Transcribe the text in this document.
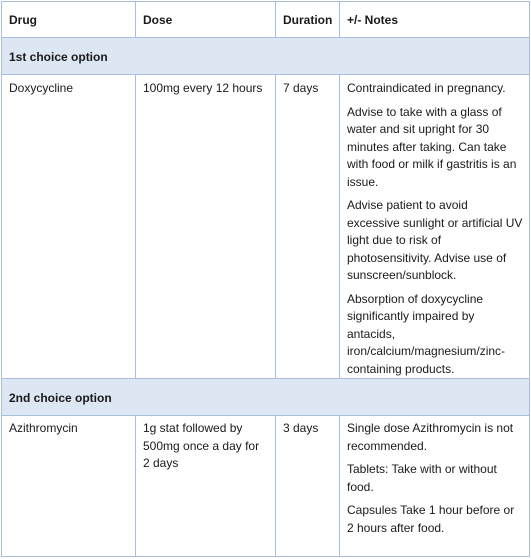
Drug	Dose	Duration	+/- Notes
1st choice option			
Doxycycline	100mg every 12 hours	7 days	Contraindicated in pregnancy.
Advise to take with a glass of water and sit upright for 30 minutes after taking. Can take with food or milk if gastritis is an issue.
Advise patient to avoid excessive sunlight or artificial UV light due to risk of photosensitivity. Advise use of sunscreen/sunblock.
Absorption of doxycycline significantly impaired by antacids, iron/calcium/magnesium/zinc-containing products.

2nd choice option			
Azithromycin	1g stat followed by 500mg once a day for 2 days	3 days	Single dose Azithromycin is not recommended.
Tablets: Take with or without food.
Capsules Take 1 hour before or 2 hours after food.
